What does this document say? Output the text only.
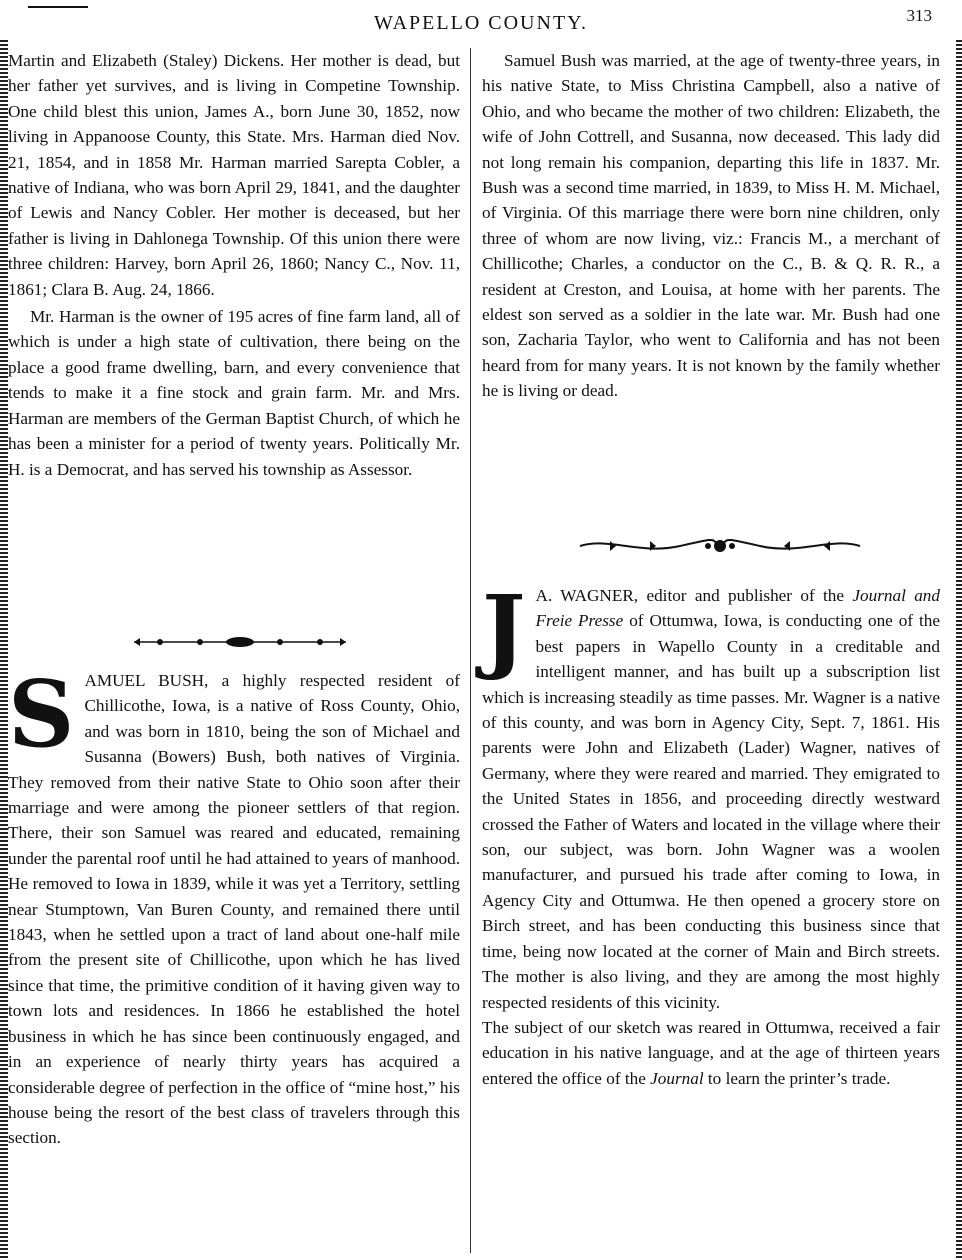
WAPELLO COUNTY.	313

Martin and Elizabeth (Staley) Dickens. Her mother is dead, but her father yet survives, and is living in Competine Township. One child blest this union, James A., born June 30, 1852, now living in Appanoose County, this State. Mrs. Harman died Nov. 21, 1854, and in 1858 Mr. Harman married Sarepta Cobler, a native of Indiana, who was born April 29, 1841, and the daughter of Lewis and Nancy Cobler. Her mother is deceased, but her father is living in Dahlonega Township. Of this union there were three children: Harvey, born April 26, 1860; Nancy C., Nov. 11, 1861; Clara B. Aug. 24, 1866.

Mr. Harman is the owner of 195 acres of fine farm land, all of which is under a high state of cultivation, there being on the place a good frame dwelling, barn, and every convenience that tends to make it a fine stock and grain farm. Mr. and Mrs. Harman are members of the German Baptist Church, of which he has been a minister for a period of twenty years. Politically Mr. H. is a Democrat, and has served his township as Assessor.

S AMUEL BUSH, a highly respected resident of Chillicothe, Iowa, is a native of Ross County, Ohio, and was born in 1810, being the son of Michael and Susanna (Bowers) Bush, both natives of Virginia. They removed from their native State to Ohio soon after their marriage and were among the pioneer settlers of that region. There, their son Samuel was reared and educated, remaining under the parental roof until he had attained to years of manhood. He removed to Iowa in 1839, while it was yet a Territory, settling near Stumptown, Van Buren County, and remained there until 1843, when he settled upon a tract of land about one-half mile from the present site of Chillicothe, upon which he has lived since that time, the primitive condition of it having given way to town lots and residences. In 1866 he established the hotel business in which he has since been continuously engaged, and in an experience of nearly thirty years has acquired a considerable degree of perfection in the office of “mine host,” his house being the resort of the best class of travelers through this section.

Samuel Bush was married, at the age of twenty-three years, in his native State, to Miss Christina Campbell, also a native of Ohio, and who became the mother of two children: Elizabeth, the wife of John Cottrell, and Susanna, now deceased. This lady did not long remain his companion, departing this life in 1837. Mr. Bush was a second time married, in 1839, to Miss H. M. Michael, of Virginia. Of this marriage there were born nine children, only three of whom are now living, viz.: Francis M., a merchant of Chillicothe; Charles, a conductor on the C., B. & Q. R. R., a resident at Creston, and Louisa, at home with her parents. The eldest son served as a soldier in the late war. Mr. Bush had one son, Zacharia Taylor, who went to California and has not been heard from for many years. It is not known by the family whether he is living or dead.

J A. WAGNER, editor and publisher of the Journal and Freie Presse of Ottumwa, Iowa, is conducting one of the best papers in Wapello County in a creditable and intelligent manner, and has built up a subscription list which is increasing steadily as time passes. Mr. Wagner is a native of this county, and was born in Agency City, Sept. 7, 1861. His parents were John and Elizabeth (Lader) Wagner, natives of Germany, where they were reared and married. They emigrated to the United States in 1856, and proceeding directly westward crossed the Father of Waters and located in the village where their son, our subject, was born. John Wagner was a woolen manufacturer, and pursued his trade after coming to Iowa, in Agency City and Ottumwa. He then opened a grocery store on Birch street, and has been conducting this business since that time, being now located at the corner of Main and Birch streets. The mother is also living, and they are among the most highly respected residents of this vicinity.

The subject of our sketch was reared in Ottumwa, received a fair education in his native language, and at the age of thirteen years entered the office of the Journal to learn the printer’s trade.
